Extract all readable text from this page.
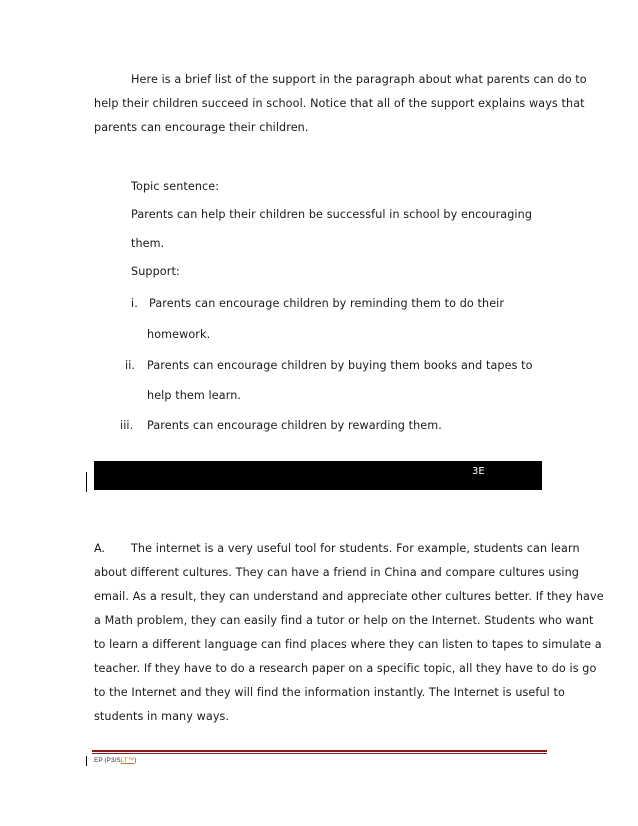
Here is a brief list of the support in the paragraph about what parents can do to
help their children succeed in school. Notice that all of the support explains ways that
parents can encourage their children.
Topic sentence:
Parents can help their children be successful in school by encouraging
them.
Support:
i. Parents can encourage children by reminding them to do their
homework.
ii. Parents can encourage children by buying them books and tapes to
help them learn.
iii. Parents can encourage children by rewarding them.
3E
A. The internet is a very useful tool for students. For example, students can learn
about different cultures. They can have a friend in China and compare cultures using
email. As a result, they can understand and appreciate other cultures better. If they have
a Math problem, they can easily find a tutor or help on the Internet. Students who want
to learn a different language can find places where they can listen to tapes to simulate a
teacher. If they have to do a research paper on a specific topic, all they have to do is go
to the Internet and they will find the information instantly. The Internet is useful to
students in many ways.
EP (P3/SLT™)
